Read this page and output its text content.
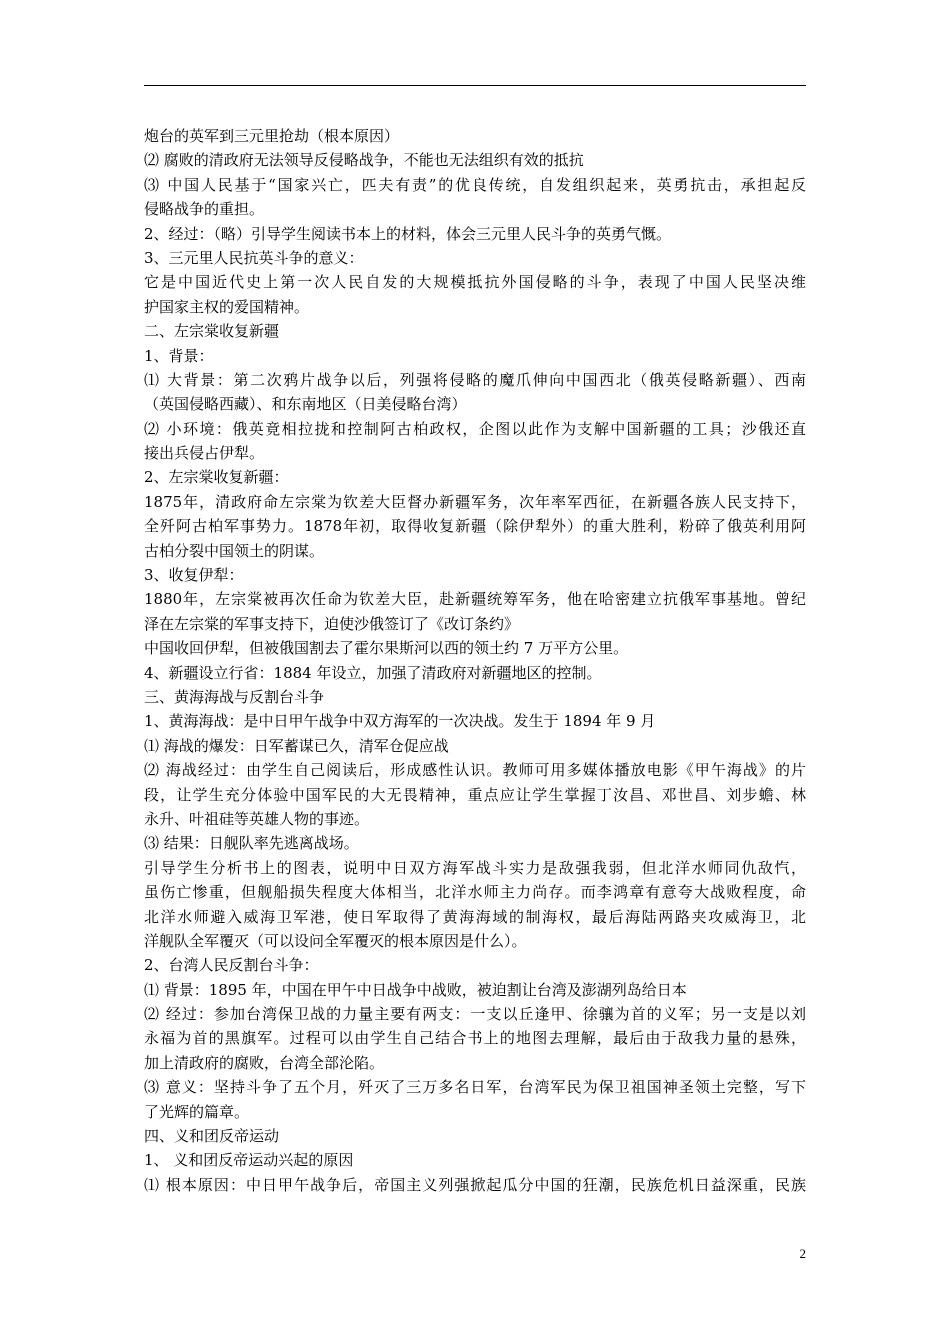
炮台的英军到三元里抢劫（根本原因）
⑵ 腐败的清政府无法领导反侵略战争，不能也无法组织有效的抵抗
⑶ 中国人民基于“国家兴亡，匹夫有责”的优良传统，自发组织起来，英勇抗击，承担起反
侵略战争的重担。
2、经过：（略）引导学生阅读书本上的材料，体会三元里人民斗争的英勇气慨。
3、三元里人民抗英斗争的意义：
它是中国近代史上第一次人民自发的大规模抵抗外国侵略的斗争，表现了中国人民坚决维
护国家主权的爱国精神。
二、左宗棠收复新疆
1、背景：
⑴ 大背景：第二次鸦片战争以后，列强将侵略的魔爪伸向中国西北（俄英侵略新疆）、西南
（英国侵略西藏）、和东南地区（日美侵略台湾）
⑵ 小环境：俄英竟相拉拢和控制阿古柏政权，企图以此作为支解中国新疆的工具；沙俄还直
接出兵侵占伊犁。
2、左宗棠收复新疆：
1875年，清政府命左宗棠为钦差大臣督办新疆军务，次年率军西征，在新疆各族人民支持下，
全歼阿古柏军事势力。1878年初，取得收复新疆（除伊犁外）的重大胜利，粉碎了俄英利用阿
古柏分裂中国领土的阴谋。
3、收复伊犁：
1880年，左宗棠被再次任命为钦差大臣，赴新疆统筹军务，他在哈密建立抗俄军事基地。曾纪
泽在左宗棠的军事支持下，迫使沙俄签订了《改订条约》
中国收回伊犁，但被俄国割去了霍尔果斯河以西的领土约 7 万平方公里。
4、新疆设立行省：1884 年设立，加强了清政府对新疆地区的控制。
三、黄海海战与反割台斗争
1、黄海海战：是中日甲午战争中双方海军的一次决战。发生于 1894 年 9 月
⑴ 海战的爆发：日军蓄谋已久，清军仓促应战
⑵ 海战经过：由学生自己阅读后，形成感性认识。教师可用多媒体播放电影《甲午海战》的片
段，让学生充分体验中国军民的大无畏精神，重点应让学生掌握丁汝昌、邓世昌、刘步蟾、林
永升、叶祖硅等英雄人物的事迹。
⑶ 结果：日舰队率先逃离战场。
引导学生分析书上的图表，说明中日双方海军战斗实力是敌强我弱，但北洋水师同仇敌忾，
虽伤亡惨重，但舰船损失程度大体相当，北洋水师主力尚存。而李鸿章有意夸大战败程度，命
北洋水师避入威海卫军港，使日军取得了黄海海域的制海权，最后海陆两路夹攻威海卫，北
洋舰队全军覆灭（可以设问全军覆灭的根本原因是什么）。
2、台湾人民反割台斗争：
⑴ 背景：1895 年，中国在甲午中日战争中战败，被迫割让台湾及澎湖列岛给日本
⑵ 经过：参加台湾保卫战的力量主要有两支：一支以丘逢甲、徐骧为首的义军；另一支是以刘
永福为首的黑旗军。过程可以由学生自己结合书上的地图去理解，最后由于敌我力量的悬殊，
加上清政府的腐败，台湾全部沦陷。
⑶ 意义：坚持斗争了五个月，歼灭了三万多名日军，台湾军民为保卫祖国神圣领土完整，写下
了光辉的篇章。
四、义和团反帝运动
1、 义和团反帝运动兴起的原因
⑴ 根本原因：中日甲午战争后，帝国主义列强掀起瓜分中国的狂潮，民族危机日益深重，民族
2
